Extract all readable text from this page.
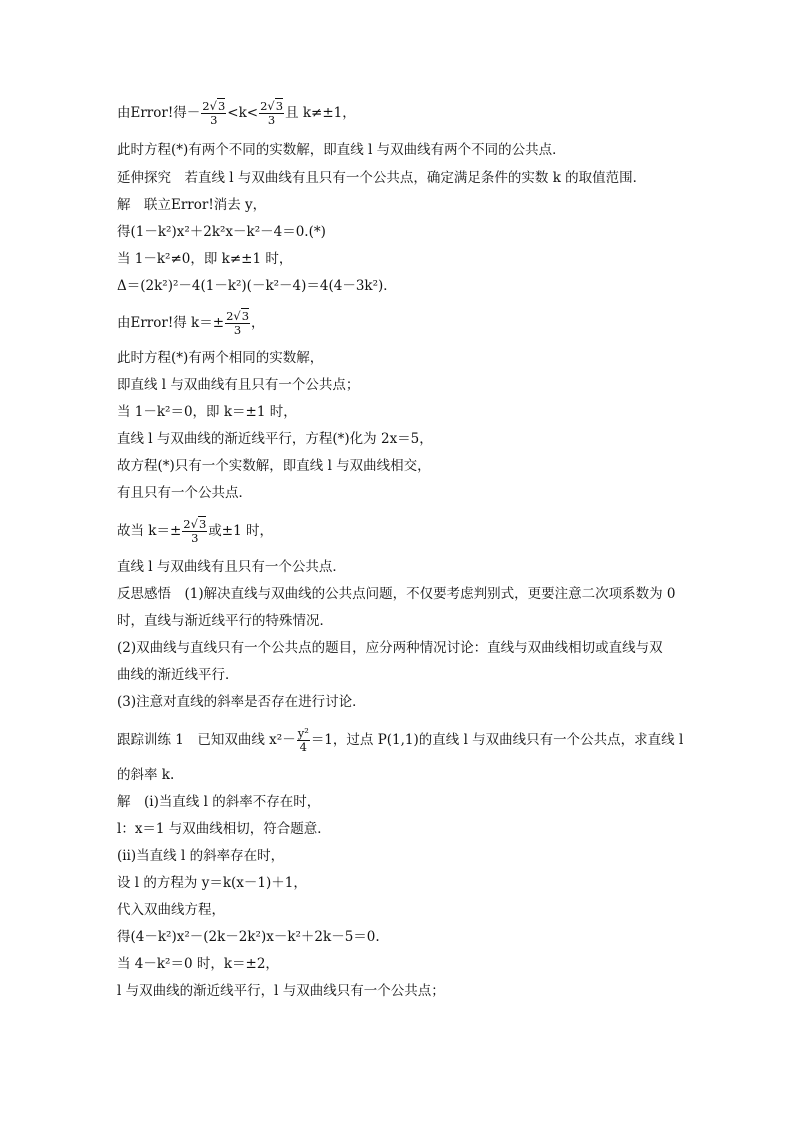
由Error!得－ $\frac{2√3}{3} <k< \frac{2√3}{3}$ 且 k≠±1，
此时方程(*)有两个不同的实数解，即直线 l 与双曲线有两个不同的公共点．
延伸探究　若直线 l 与双曲线有且只有一个公共点，确定满足条件的实数 k 的取值范围．
解　联立Error!消去 y，
得(1－k²)x²＋2k²x－k²－4＝0.(*)
当 1－k²≠0，即 k≠±1 时，
Δ＝(2k²)²－4(1－k²)(－k²－4)＝4(4－3k²)．
由Error!得 $k=\pm \frac{2√3}{3}$ ，
此时方程(*)有两个相同的实数解，
即直线 l 与双曲线有且只有一个公共点；
当 1－k²＝0，即 k＝±1 时，
直线 l 与双曲线的渐近线平行，方程(*)化为 2x＝5，
故方程(*)只有一个实数解，即直线 l 与双曲线相交，
有且只有一个公共点．
故当 $k=\pm \frac{2√3}{3}$ 或±1 时，
直线 l 与双曲线有且只有一个公共点．
反思感悟　(1)解决直线与双曲线的公共点问题，不仅要考虑判别式，更要注意二次项系数为 0
时，直线与渐近线平行的特殊情况．
(2)双曲线与直线只有一个公共点的题目，应分两种情况讨论：直线与双曲线相切或直线与双
曲线的渐近线平行．
(3)注意对直线的斜率是否存在进行讨论．
跟踪训练 1　已知双曲线 $x^2- \frac{\text{y²}}{4} =1$，过点 P(1,1)的直线 l 与双曲线只有一个公共点，求直线 l
的斜率 k.
解　(ⅰ)当直线 l 的斜率不存在时，
l：x＝1 与双曲线相切，符合题意．
(ⅱ)当直线 l 的斜率存在时，
设 l 的方程为 y＝k(x－1)＋1，
代入双曲线方程，
得(4－k²)x²－(2k－2k²)x－k²＋2k－5＝0.
当 4－k²＝0 时，k＝±2，
l 与双曲线的渐近线平行，l 与双曲线只有一个公共点；
